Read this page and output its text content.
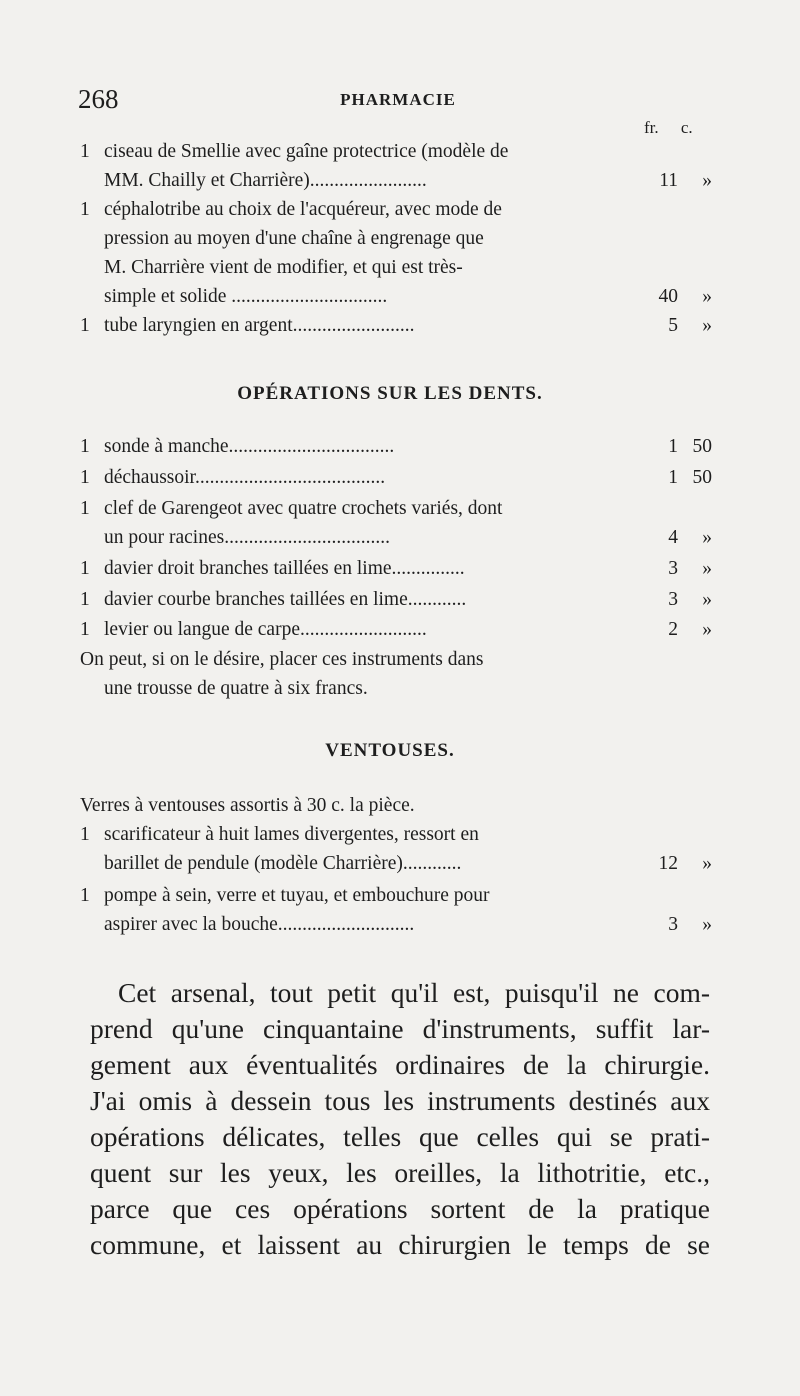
268	PHARMACIE
fr. c.
1 ciseau de Smellie avec gaîne protectrice (modèle de
MM. Chailly et Charrière)........................	11 »
1 céphalotribe au choix de l'acquéreur, avec mode de
pression au moyen d'une chaîne à engrenage que
M. Charrière vient de modifier, et qui est très-
simple et solide ................................	40 »
1 tube laryngien en argent.........................	5 »
OPÉRATIONS SUR LES DENTS.
1 sonde à manche..................................	1 50
1 déchaussoir.......................................	1 50
1 clef de Garengeot avec quatre crochets variés, dont
un pour racines..................................	4 »
1 davier droit branches taillées en lime...............	3 »
1 davier courbe branches taillées en lime............	3 »
1 levier ou langue de carpe..........................	2 »
On peut, si on le désire, placer ces instruments dans
une trousse de quatre à six francs.
VENTOUSES.
Verres à ventouses assortis à 30 c. la pièce.
1 scarificateur à huit lames divergentes, ressort en
barillet de pendule (modèle Charrière)............	12 »
1 pompe à sein, verre et tuyau, et embouchure pour
aspirer avec la bouche............................	3 »
Cet arsenal, tout petit qu'il est, puisqu'il ne com-
prend qu'une cinquantaine d'instruments, suffit lar-
gement aux éventualités ordinaires de la chirurgie.
J'ai omis à dessein tous les instruments destinés aux
opérations délicates, telles que celles qui se prati-
quent sur les yeux, les oreilles, la lithotritie, etc.,
parce que ces opérations sortent de la pratique
commune, et laissent au chirurgien le temps de se
